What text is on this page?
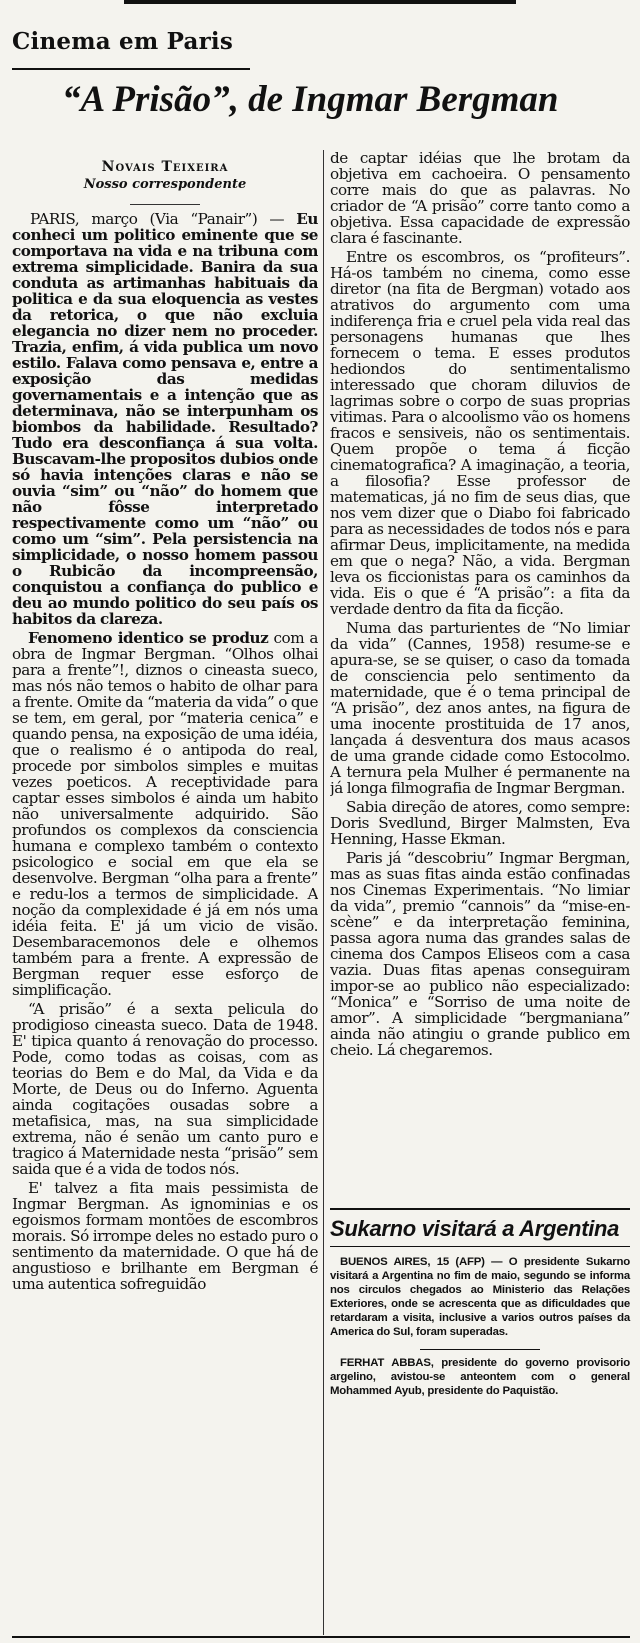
Cinema em Paris
“A Prisão”, de Ingmar Bergman
Novais Teixeira
Nosso correspondente

PARIS, março (Via “Panair”) — Eu conheci um politico eminente que se comportava na vida e na tribuna com extrema simplicidade. Banira da sua conduta as artimanhas habituais da politica e da sua eloquencia as vestes da retorica, o que não excluia elegancia no dizer nem no proceder. Trazia, enfim, á vida publica um novo estilo. Falava como pensava e, entre a exposição das medidas governamentais e a intenção que as determinava, não se interpunham os biombos da habilidade. Resultado? Tudo era desconfiança á sua volta. Buscavam-lhe propositos dubios onde só havia intenções claras e não se ouvia “sim” ou “não” do homem que não fôsse interpretado respectivamente como um “não” ou como um “sim”. Pela persistencia na simplicidade, o nosso homem passou o Rubicão da incompreensão, conquistou a confiança do publico e deu ao mundo politico do seu país os habitos da clareza.

Fenomeno identico se produz com a obra de Ingmar Bergman. “Olhos olhai para a frente”!, diznos o cineasta sueco, mas nós não temos o habito de olhar para a frente. Omite da “materia da vida” o que se tem, em geral, por “materia cenica” e quando pensa, na exposição de uma idéia, que o realismo é o antipoda do real, procede por simbolos simples e muitas vezes poeticos. A receptividade para captar esses simbolos é ainda um habito não universalmente adquirido. São profundos os complexos da consciencia humana e complexo também o contexto psicologico e social em que ela se desenvolve. Bergman “olha para a frente” e redu-los a termos de simplicidade. A noção da complexidade é já em nós uma idéia feita. E' já um vicio de visão. Desembaracemonos dele e olhemos também para a frente. A expressão de Bergman requer esse esforço de simplificação.

“A prisão” é a sexta pelicula do prodigioso cineasta sueco. Data de 1948. E' tipica quanto á renovação do processo. Pode, como todas as coisas, com as teorias do Bem e do Mal, da Vida e da Morte, de Deus ou do Inferno. Aguenta ainda cogitações ousadas sobre a metafisica, mas, na sua simplicidade extrema, não é senão um canto puro e tragico á Maternidade nesta “prisão” sem saida que é a vida de todos nós.

E' talvez a fita mais pessimista de Ingmar Bergman. As ignominias e os egoismos formam montões de escombros morais. Só irrompe deles no estado puro o sentimento da maternidade. O que há de angustioso e brilhante em Bergman é uma autentica sofreguidão

de captar idéias que lhe brotam da objetiva em cachoeira. O pensamento corre mais do que as palavras. No criador de “A prisão” corre tanto como a objetiva. Essa capacidade de expressão clara é fascinante.

Entre os escombros, os “profiteurs”. Há-os também no cinema, como esse diretor (na fita de Bergman) votado aos atrativos do argumento com uma indiferença fria e cruel pela vida real das personagens humanas que lhes fornecem o tema. E esses produtos hediondos do sentimentalismo interessado que choram diluvios de lagrimas sobre o corpo de suas proprias vitimas. Para o alcoolismo vão os homens fracos e sensiveis, não os sentimentais. Quem propõe o tema á ficção cinematografica? A imaginação, a teoria, a filosofia? Esse professor de matematicas, já no fim de seus dias, que nos vem dizer que o Diabo foi fabricado para as necessidades de todos nós e para afirmar Deus, implicitamente, na medida em que o nega? Não, a vida. Bergman leva os ficcionistas para os caminhos da vida. Eis o que é “A prisão”: a fita da verdade dentro da fita da ficção.

Numa das parturientes de “No limiar da vida” (Cannes, 1958) resume-se e apura-se, se se quiser, o caso da tomada de consciencia pelo sentimento da maternidade, que é o tema principal de “A prisão”, dez anos antes, na figura de uma inocente prostituida de 17 anos, lançada á desventura dos maus acasos de uma grande cidade como Estocolmo. A ternura pela Mulher é permanente na já longa filmografia de Ingmar Bergman.

Sabia direção de atores, como sempre: Doris Svedlund, Birger Malmsten, Eva Henning, Hasse Ekman.

Paris já “descobriu” Ingmar Bergman, mas as suas fitas ainda estão confinadas nos Cinemas Experimentais. “No limiar da vida”, premio “cannois” da “mise-en-scène” e da interpretação feminina, passa agora numa das grandes salas de cinema dos Campos Eliseos com a casa vazia. Duas fitas apenas conseguiram impor-se ao publico não especializado: “Monica” e “Sorriso de uma noite de amor”. A simplicidade “bergmaniana” ainda não atingiu o grande publico em cheio. Lá chegaremos.

Sukarno visitará a Argentina

BUENOS AIRES, 15 (AFP) — O presidente Sukarno visitará a Argentina no fim de maio, segundo se informa nos circulos chegados ao Ministerio das Relações Exteriores, onde se acrescenta que as dificuldades que retardaram a visita, inclusive a varios outros países da America do Sul, foram superadas.

FERHAT ABBAS, presidente do governo provisorio argelino, avistou-se anteontem com o general Mohammed Ayub, presidente do Paquistão.
